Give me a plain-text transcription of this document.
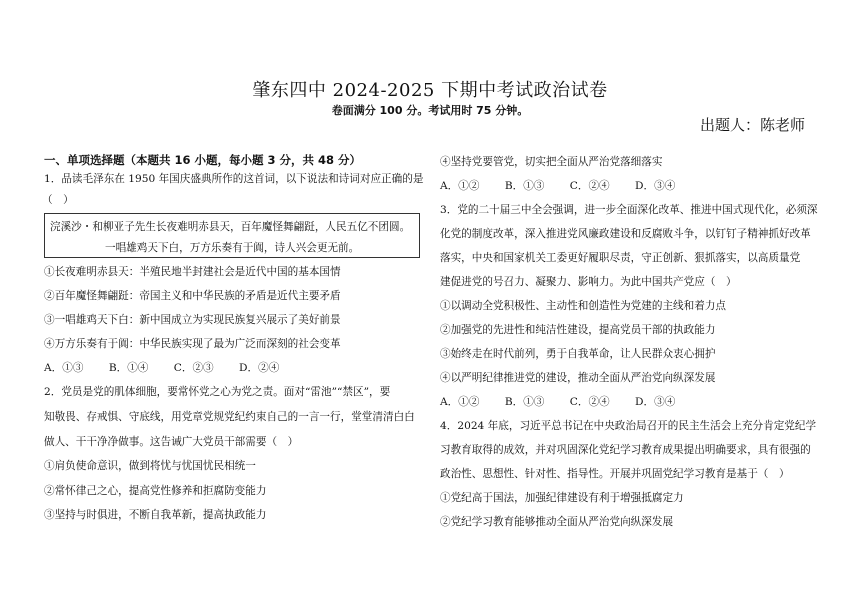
肇东四中 2024-2025 下期中考试政治试卷
卷面满分 100 分。考试用时 75 分钟。
出题人：陈老师
一、单项选择题（本题共 16 小题，每小题 3 分，共 48 分）
1．品读毛泽东在 1950 年国庆盛典所作的这首词，以下说法和诗词对应正确的是
（　）
①长夜难明赤县天：半殖民地半封建社会是近代中国的基本国情
②百年魔怪舞翩跹：帝国主义和中华民族的矛盾是近代主要矛盾
③一唱雄鸡天下白：新中国成立为实现民族复兴展示了美好前景
④万方乐奏有于阗：中华民族实现了最为广泛而深刻的社会变革
A．①③ B．①④ C．②③ D．②④
2．党员是党的肌体细胞，要常怀党之心为党之责。面对“雷池”“禁区”，要
知敬畏、存戒惧、守底线，用党章党规党纪约束自己的一言一行，堂堂清清白白
做人、干干净净做事。这告诫广大党员干部需要（　）
①肩负使命意识，做到将忧与忧国忧民相统一
②常怀律己之心，提高党性修养和拒腐防变能力
③坚持与时俱进，不断自我革新，提高执政能力
浣溪沙・和柳亚子先生长夜难明赤县天，百年魔怪舞翩跹，人民五亿不团圆。
一唱雄鸡天下白，万方乐奏有于阗，诗人兴会更无前。
④坚持党要管党，切实把全面从严治党落细落实
A．①② B．①③ C．②④ D．③④
3．党的二十届三中全会强调，进一步全面深化改革、推进中国式现代化，必须深
化党的制度改革，深入推进党风廉政建设和反腐败斗争，以钉钉子精神抓好改革
落实，中央和国家机关工委更好履职尽责，守正创新、狠抓落实，以高质量党
建促进党的号召力、凝聚力、影响力。为此中国共产党应（　）
①以调动全党积极性、主动性和创造性为党建的主线和着力点
②加强党的先进性和纯洁性建设，提高党员干部的执政能力
③始终走在时代前列，勇于自我革命，让人民群众衷心拥护
④以严明纪律推进党的建设，推动全面从严治党向纵深发展
A．①② B．①③ C．②④ D．③④
4．2024 年底，习近平总书记在中央政治局召开的民主生活会上充分肯定党纪学
习教育取得的成效，并对巩固深化党纪学习教育成果提出明确要求，具有很强的
政治性、思想性、针对性、指导性。开展并巩固党纪学习教育是基于（　）
①党纪高于国法，加强纪律建设有利于增强抵腐定力
②党纪学习教育能够推动全面从严治党向纵深发展
